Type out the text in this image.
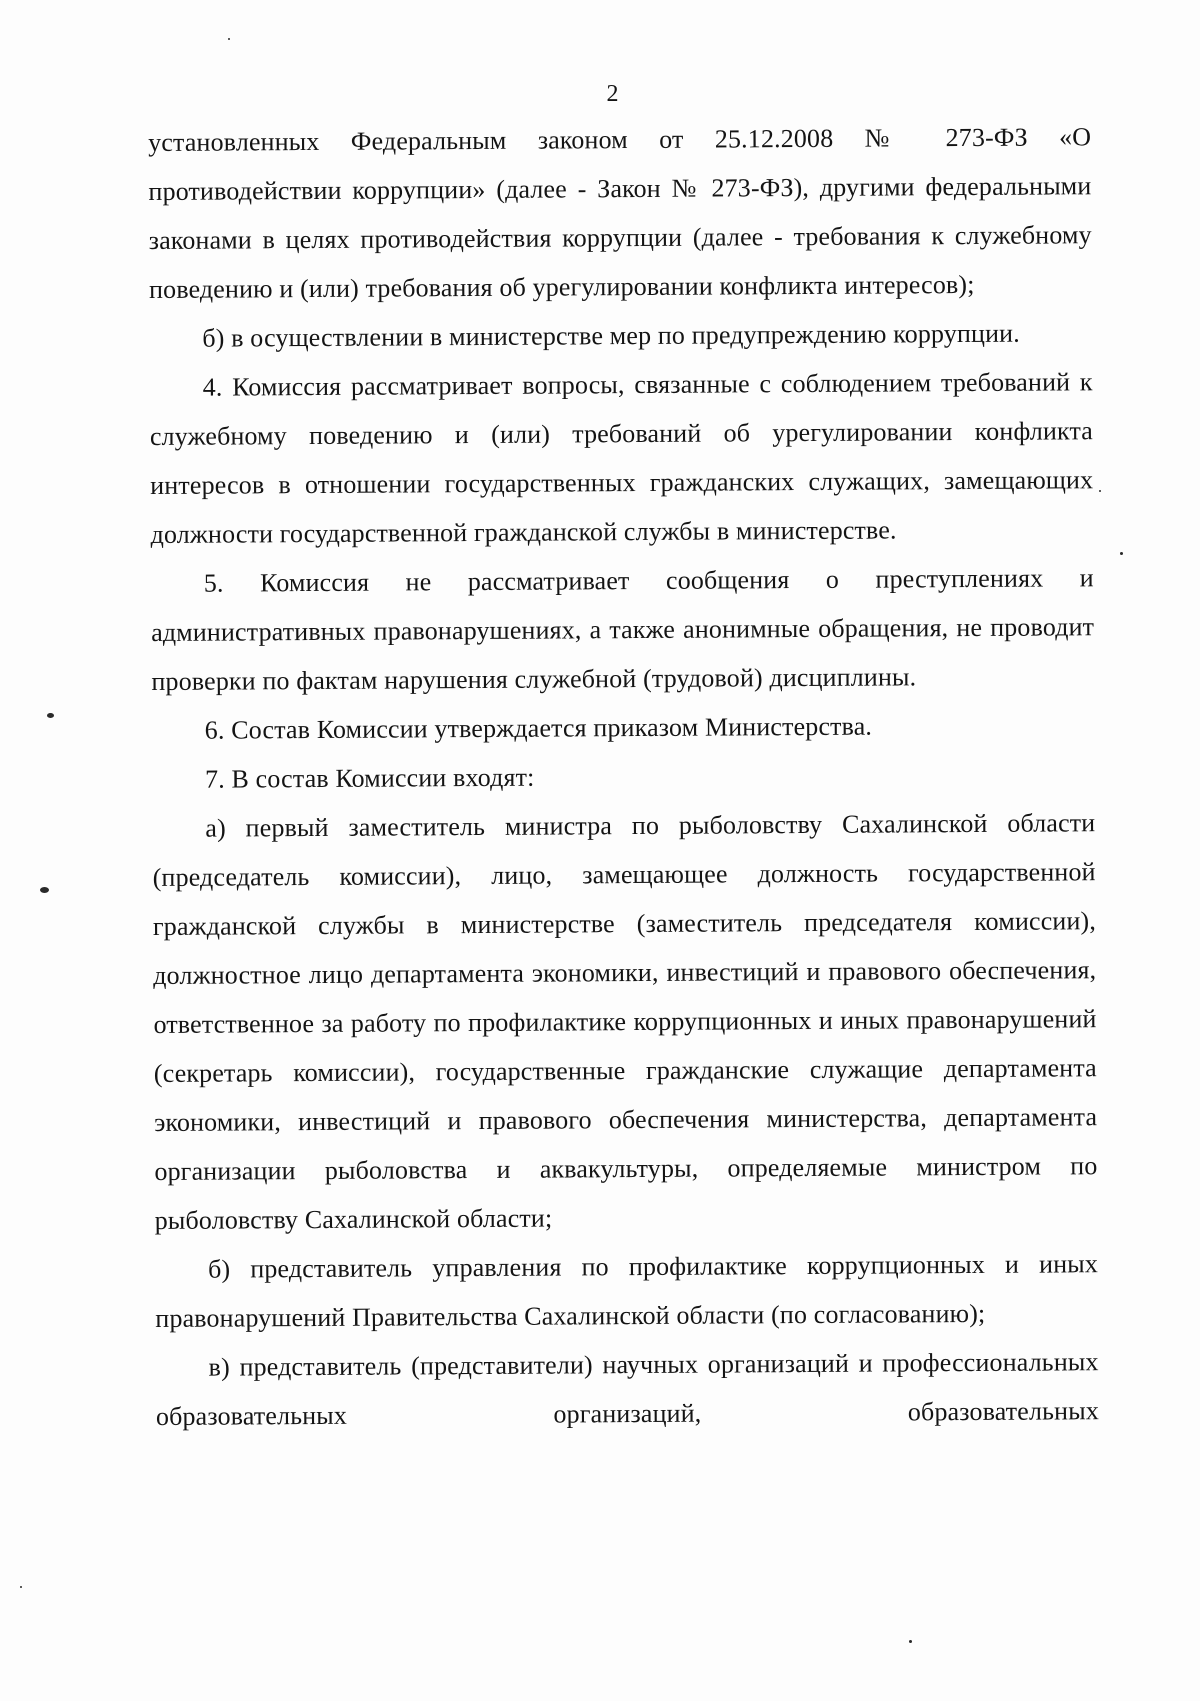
2

установленных Федеральным законом от 25.12.2008 № 273-ФЗ «О противодействии коррупции» (далее - Закон № 273-ФЗ), другими федеральными законами в целях противодействия коррупции (далее - требования к служебному поведению и (или) требования об урегулировании конфликта интересов);

б) в осуществлении в министерстве мер по предупреждению коррупции.

4. Комиссия рассматривает вопросы, связанные с соблюдением требований к служебному поведению и (или) требований об урегулировании конфликта интересов в отношении государственных гражданских служащих, замещающих должности государственной гражданской службы в министерстве.

5. Комиссия не рассматривает сообщения о преступлениях и административных правонарушениях, а также анонимные обращения, не проводит проверки по фактам нарушения служебной (трудовой) дисциплины.

6. Состав Комиссии утверждается приказом Министерства.

7. В состав Комиссии входят:

а) первый заместитель министра по рыболовству Сахалинской области (председатель комиссии), лицо, замещающее должность государственной гражданской службы в министерстве (заместитель председателя комиссии), должностное лицо департамента экономики, инвестиций и правового обеспечения, ответственное за работу по профилактике коррупционных и иных правонарушений (секретарь комиссии), государственные гражданские служащие департамента экономики, инвестиций и правового обеспечения министерства, департамента организации рыболовства и аквакультуры, определяемые министром по рыболовству Сахалинской области;

б) представитель управления по профилактике коррупционных и иных правонарушений Правительства Сахалинской области (по согласованию);

в) представитель (представители) научных организаций и профессиональных образовательных организаций, образовательных
